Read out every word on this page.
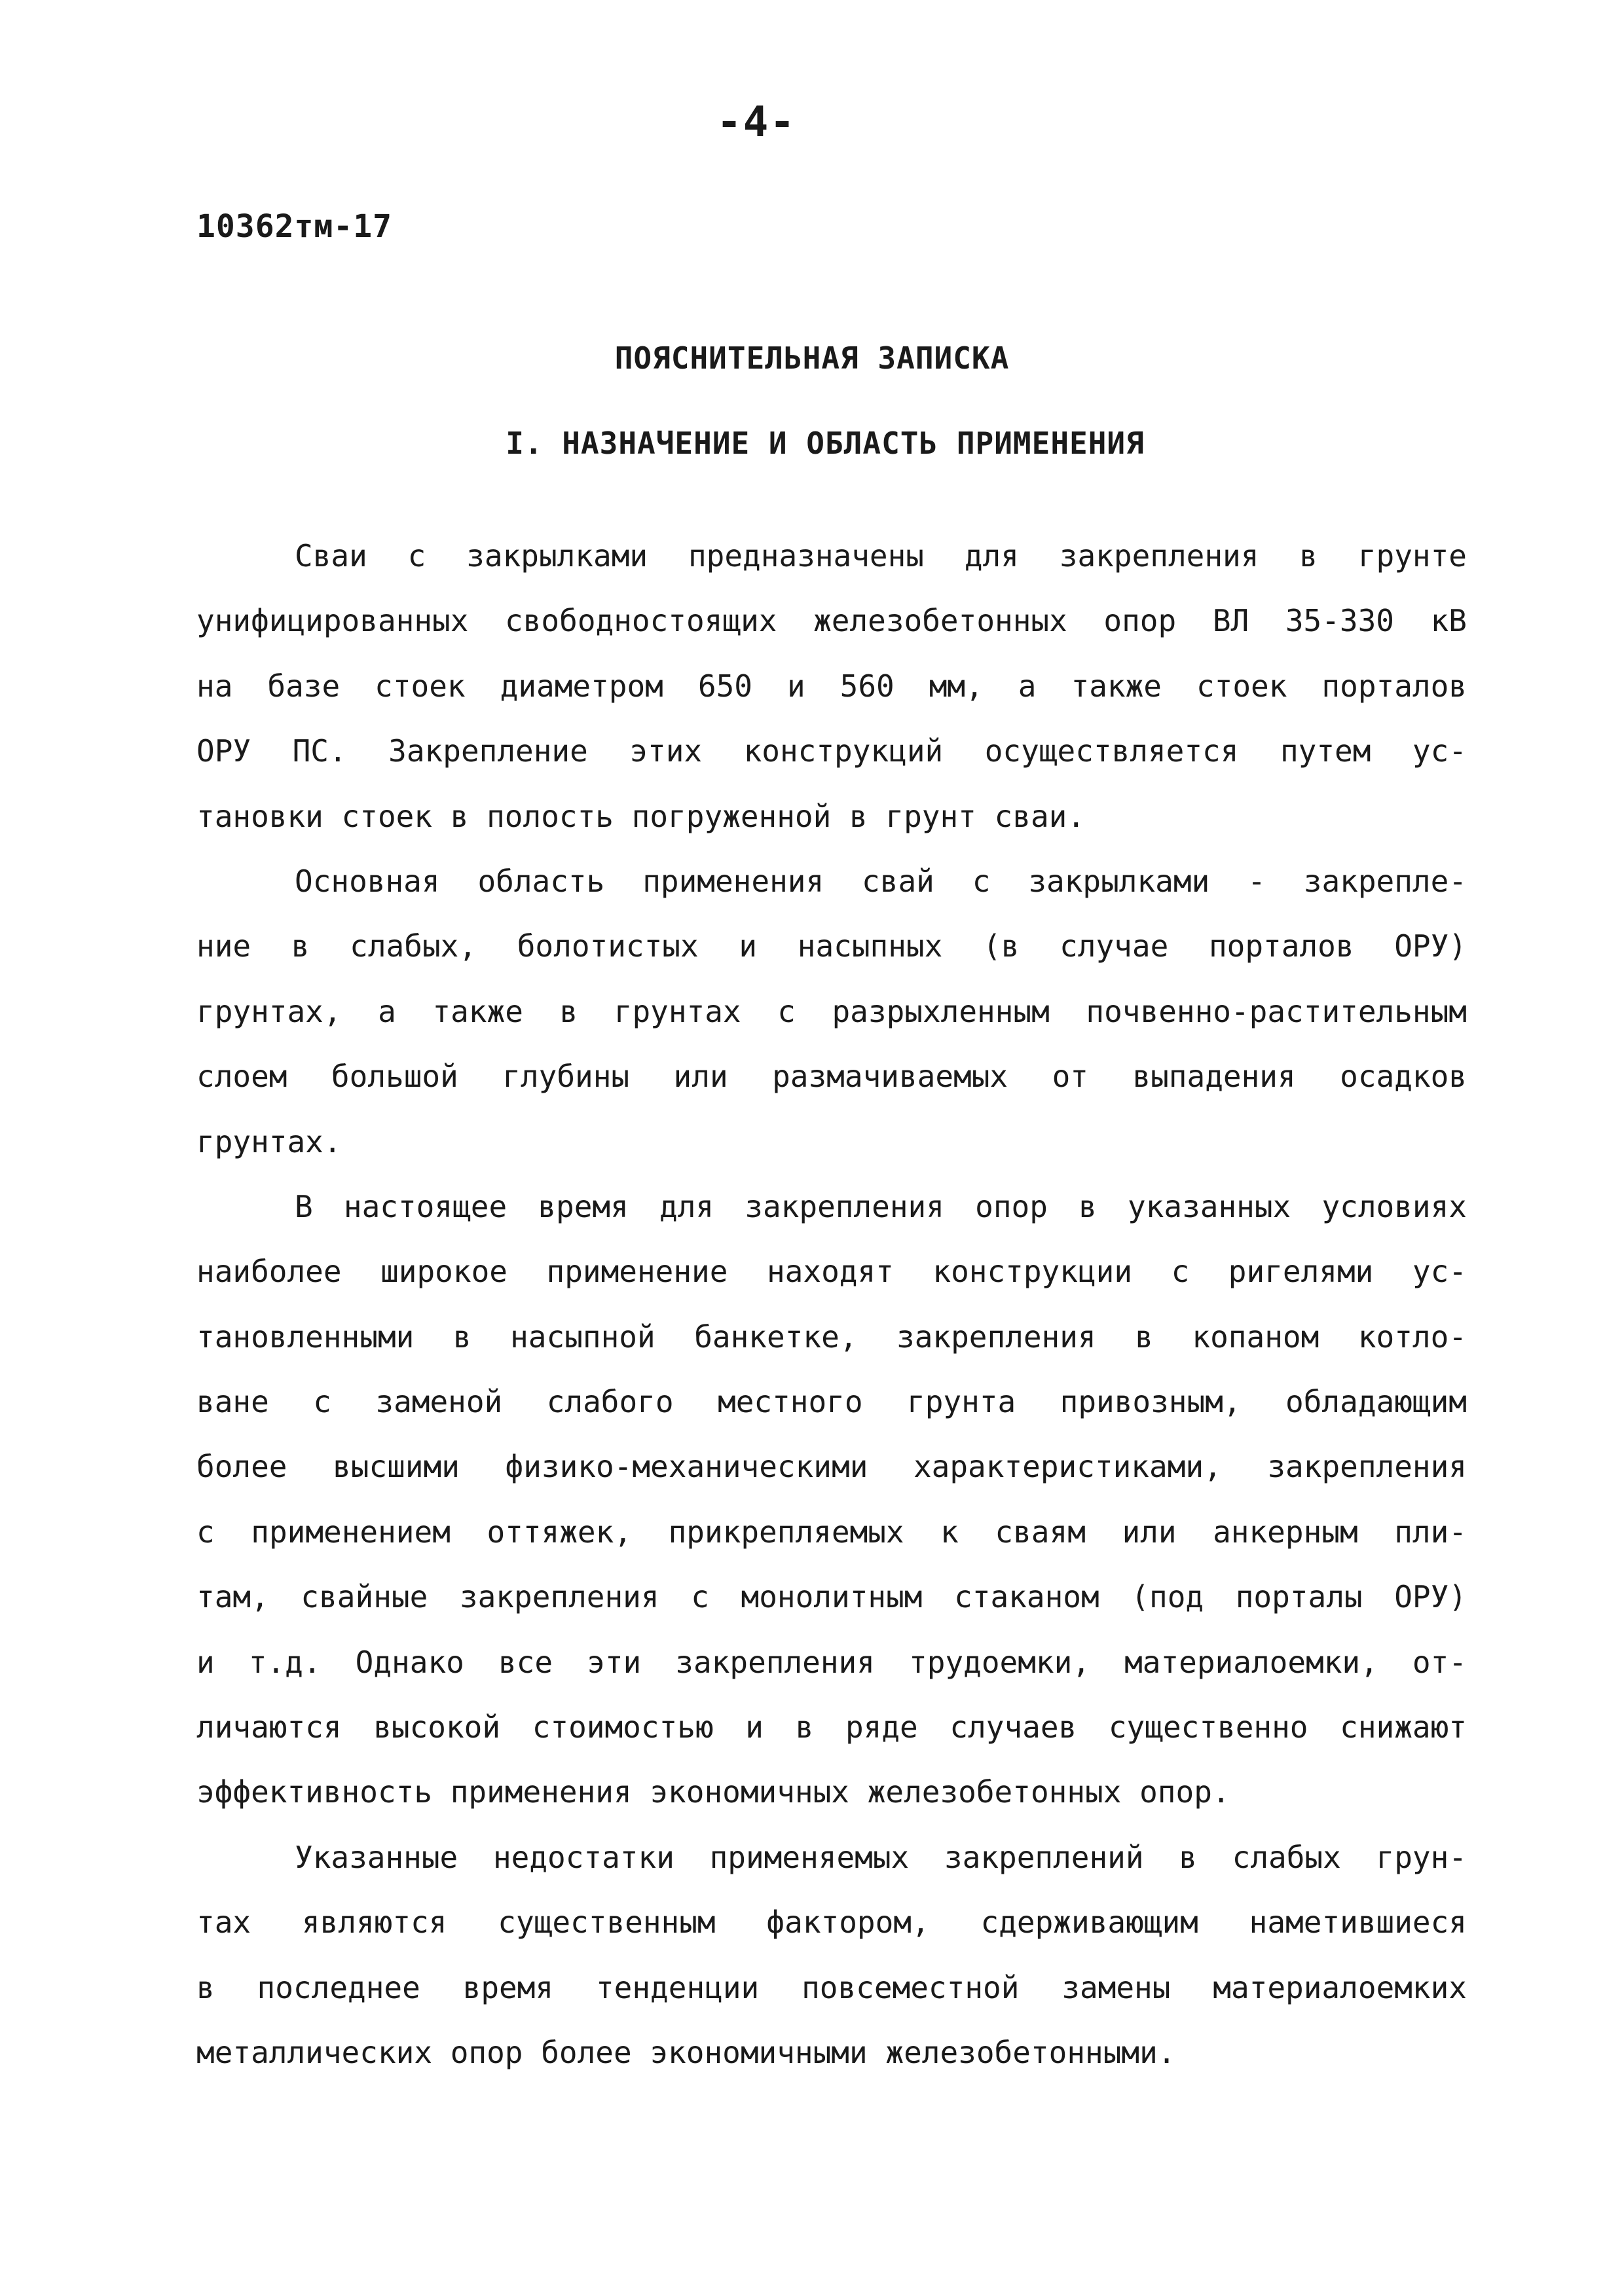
-4-
10362тм-17
ПОЯСНИТЕЛЬНАЯ ЗАПИСКА
I. НАЗНАЧЕНИЕ И ОБЛАСТЬ ПРИМЕНЕНИЯ
Сваи с закрылками предназначены для закрепления в грунте
унифицированных свободностоящих железобетонных опор ВЛ 35-330 кВ
на базе стоек диаметром 650 и 560 мм, а также стоек порталов
ОРУ ПС. Закрепление этих конструкций осуществляется путем ус-
тановки стоек в полость погруженной в грунт сваи.
Основная область применения свай с закрылками - закрепле-
ние в слабых, болотистых и насыпных (в случае порталов ОРУ)
грунтах, а также в грунтах с разрыхленным почвенно-растительным
слоем большой глубины или размачиваемых от выпадения осадков
грунтах.
В настоящее время для закрепления опор в указанных условиях
наиболее широкое применение находят конструкции с ригелями ус-
тановленными в насыпной банкетке, закрепления в копаном котло-
ване с заменой слабого местного грунта привозным, обладающим
более высшими физико-механическими характеристиками, закрепления
с применением оттяжек, прикрепляемых к сваям или анкерным пли-
там, свайные закрепления с монолитным стаканом (под порталы ОРУ)
и т.д. Однако все эти закрепления трудоемки, материалоемки, от-
личаются высокой стоимостью и в ряде случаев существенно снижают
эффективность применения экономичных железобетонных опор.
Указанные недостатки применяемых закреплений в слабых грун-
тах являются существенным фактором, сдерживающим наметившиеся
в последнее время тенденции повсеместной замены материалоемких
металлических опор более экономичными железобетонными.
